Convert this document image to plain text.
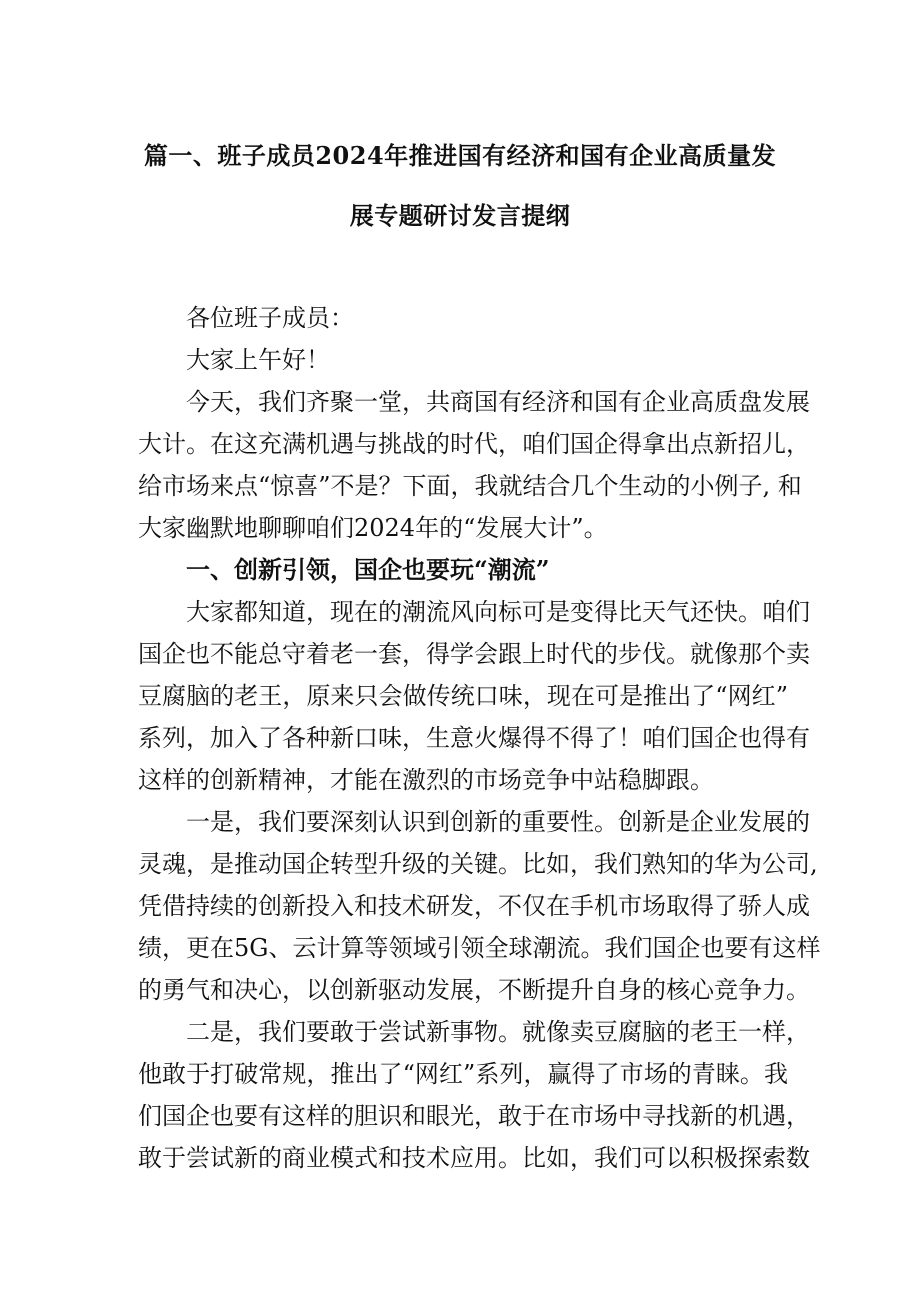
篇一、班子成员2024年推进国有经济和国有企业高质量发
展专题研讨发言提纲
各位班子成员：
大家上午好！
今天，我们齐聚一堂，共商国有经济和国有企业高质盘发展
大计。在这充满机遇与挑战的时代，咱们国企得拿出点新招儿，
给市场来点“惊喜”不是？下面，我就结合几个生动的小例子, 和
大家幽默地聊聊咱们2024年的“发展大计”。
一、创新引领，国企也要玩“潮流”
大家都知道，现在的潮流风向标可是变得比天气还快。咱们
国企也不能总守着老一套，得学会跟上时代的步伐。就像那个卖
豆腐脑的老王，原来只会做传统口味，现在可是推出了“网红”
系列，加入了各种新口味，生意火爆得不得了！咱们国企也得有
这样的创新精神，才能在激烈的市场竞争中站稳脚跟。
一是，我们要深刻认识到创新的重要性。创新是企业发展的
灵魂，是推动国企转型升级的关键。比如，我们熟知的华为公司,
凭借持续的创新投入和技术研发，不仅在手机市场取得了骄人成
绩，更在5G、云计算等领域引领全球潮流。我们国企也要有这样
的勇气和决心，以创新驱动发展，不断提升自身的核心竞争力。
二是，我们要敢于尝试新事物。就像卖豆腐脑的老王一样，
他敢于打破常规，推出了“网红”系列，赢得了市场的青睐。我
们国企也要有这样的胆识和眼光，敢于在市场中寻找新的机遇，
敢于尝试新的商业模式和技术应用。比如，我们可以积极探索数
